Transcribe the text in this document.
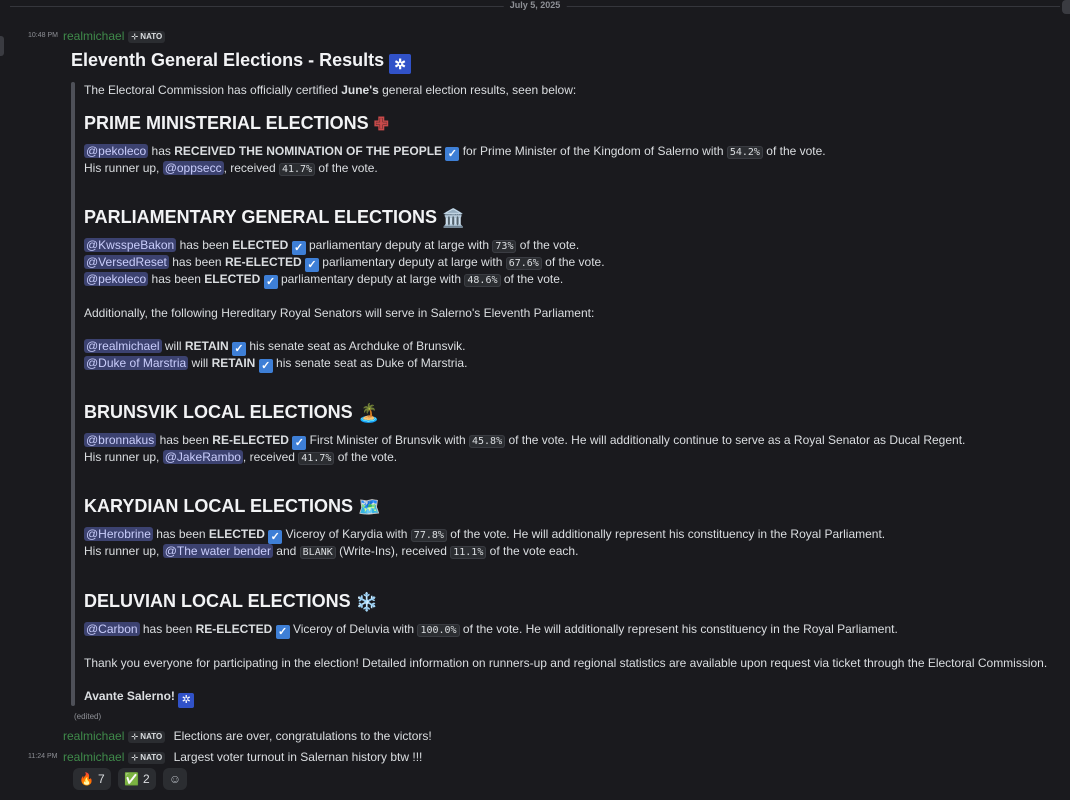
July 5, 2025
10:48 PM realmichael ⊹ NATO
Eleventh General Elections - Results ✲
The Electoral Commission has officially certified June's general election results, seen below:
PRIME MINISTERIAL ELECTIONS ✙
@pekoleco has RECEIVED THE NOMINATION OF THE PEOPLE ✓ for Prime Minister of the Kingdom of Salerno with 54.2% of the vote.
His runner up, @oppsecc , received 41.7% of the vote.
PARLIAMENTARY GENERAL ELECTIONS 🏛️
@KwsspeBakon has been ELECTED ✓ parliamentary deputy at large with 73% of the vote.
@VersedReset has been RE-ELECTED ✓ parliamentary deputy at large with 67.6% of the vote.
@pekoleco has been ELECTED ✓ parliamentary deputy at large with 48.6% of the vote.
Additionally, the following Hereditary Royal Senators will serve in Salerno's Eleventh Parliament:
@realmichael will RETAIN ✓ his senate seat as Archduke of Brunsvik.
@Duke of Marstria will RETAIN ✓ his senate seat as Duke of Marstria.
BRUNSVIK LOCAL ELECTIONS 🏝️
@bronnakus has been RE-ELECTED ✓ First Minister of Brunsvik with 45.8% of the vote. He will additionally continue to serve as a Royal Senator as Ducal Regent.
His runner up, @JakeRambo , received 41.7% of the vote.
KARYDIAN LOCAL ELECTIONS 🗺️
@Herobrine has been ELECTED ✓ Viceroy of Karydia with 77.8% of the vote. He will additionally represent his constituency in the Royal Parliament.
His runner up, @The water bender and BLANK (Write-Ins), received 11.1% of the vote each.
DELUVIAN LOCAL ELECTIONS ❄️
@Carbon has been RE-ELECTED ✓ Viceroy of Deluvia with 100.0% of the vote. He will additionally represent his constituency in the Royal Parliament.
Thank you everyone for participating in the election! Detailed information on runners-up and regional statistics are available upon request via ticket through the Electoral Commission.
Avante Salerno! ✲
(edited)
realmichael ⊹ NATO Elections are over, congratulations to the victors!
11:24 PM realmichael ⊹ NATO Largest voter turnout in Salernan history btw !!!
🔥 7 ✅ 2 ☺
